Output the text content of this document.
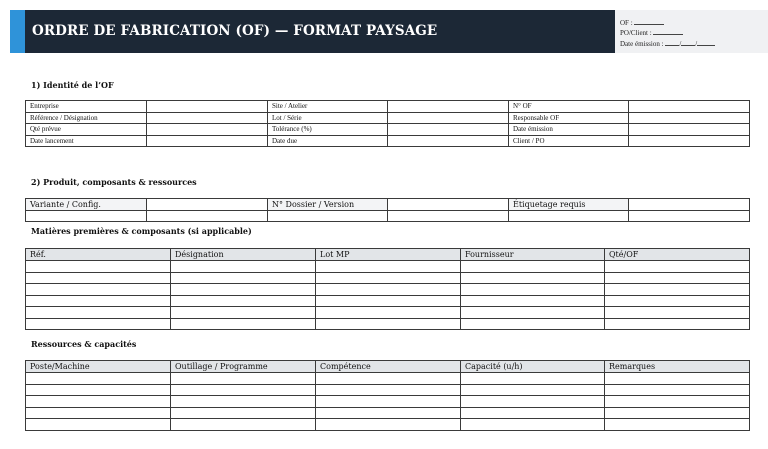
ORDRE DE FABRICATION (OF) — FORMAT PAYSAGE	OF :
PO/Client :
Date émission : / /
1) Identité de l’OF
Entreprise		Site / Atelier		N° OF	
Référence / Désignation		Lot / Série		Responsable OF	
Qté prévue		Tolérance (%)		Date émission	
Date lancement		Date due		Client / PO	
2) Produit, composants & ressources
Variante / Config.		N° Dossier / Version		Étiquetage requis	

Matières premières & composants (si applicable)
Réf.	Désignation	Lot MP	Fournisseur	Qté/OF

Ressources & capacités
Poste/Machine	Outillage / Programme	Compétence	Capacité (u/h)	Remarques
